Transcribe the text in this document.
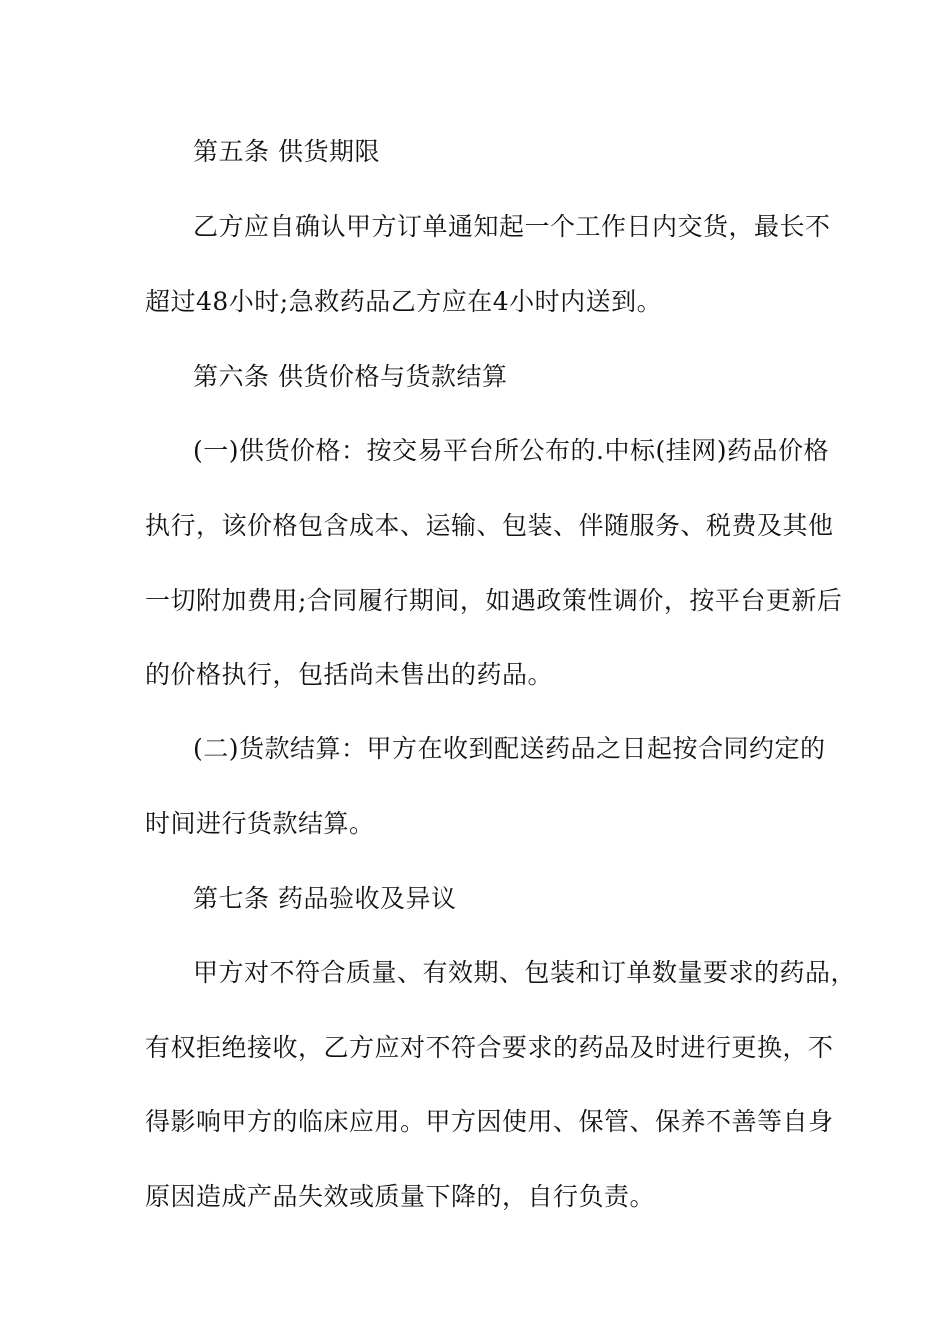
第五条 供货期限
乙方应自确认甲方订单通知起一个工作日内交货，最长不
超过48小时;急救药品乙方应在4小时内送到。
第六条 供货价格与货款结算
(一)供货价格：按交易平台所公布的.中标(挂网)药品价格
执行，该价格包含成本、运输、包装、伴随服务、税费及其他
一切附加费用;合同履行期间，如遇政策性调价，按平台更新后
的价格执行，包括尚未售出的药品。
(二)货款结算：甲方在收到配送药品之日起按合同约定的
时间进行货款结算。
第七条 药品验收及异议
甲方对不符合质量、有效期、包装和订单数量要求的药品，
有权拒绝接收，乙方应对不符合要求的药品及时进行更换，不
得影响甲方的临床应用。甲方因使用、保管、保养不善等自身
原因造成产品失效或质量下降的，自行负责。
